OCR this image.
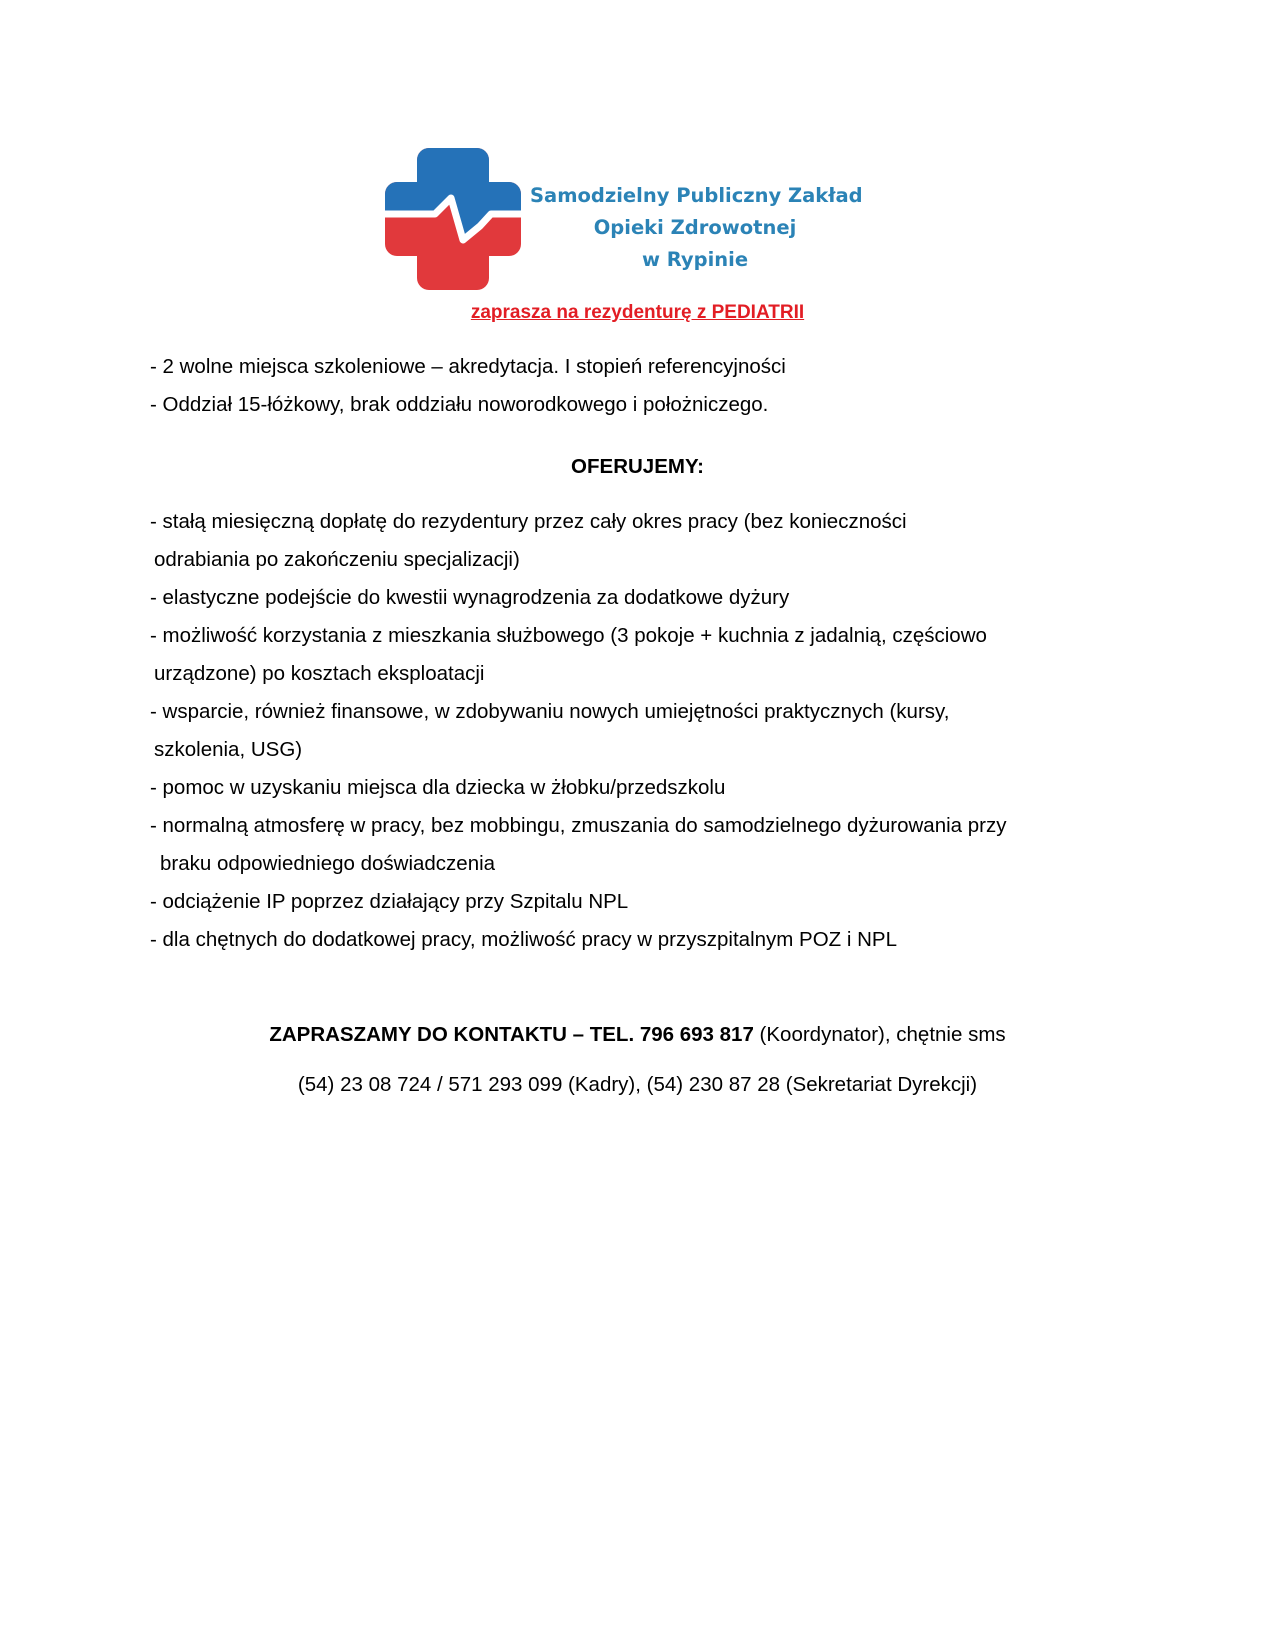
Samodzielny Publiczny Zakład
Opieki Zdrowotnej
w Rypinie
zaprasza na rezydenturę z PEDIATRII
- 2 wolne miejsca szkoleniowe – akredytacja. I stopień referencyjności
- Oddział 15-łóżkowy, brak oddziału noworodkowego i położniczego.
OFERUJEMY:
- stałą miesięczną dopłatę do rezydentury przez cały okres pracy (bez konieczności
odrabiania po zakończeniu specjalizacji)
- elastyczne podejście do kwestii wynagrodzenia za dodatkowe dyżury
- możliwość korzystania z mieszkania służbowego (3 pokoje + kuchnia z jadalnią, częściowo
urządzone) po kosztach eksploatacji
- wsparcie, również finansowe, w zdobywaniu nowych umiejętności praktycznych (kursy,
szkolenia, USG)
- pomoc w uzyskaniu miejsca dla dziecka w żłobku/przedszkolu
- normalną atmosferę w pracy, bez mobbingu, zmuszania do samodzielnego dyżurowania przy
braku odpowiedniego doświadczenia
- odciążenie IP poprzez działający przy Szpitalu NPL
- dla chętnych do dodatkowej pracy, możliwość pracy w przyszpitalnym POZ i NPL
ZAPRASZAMY DO KONTAKTU – TEL. 796 693 817 (Koordynator), chętnie sms
(54) 23 08 724 / 571 293 099 (Kadry), (54) 230 87 28 (Sekretariat Dyrekcji)
